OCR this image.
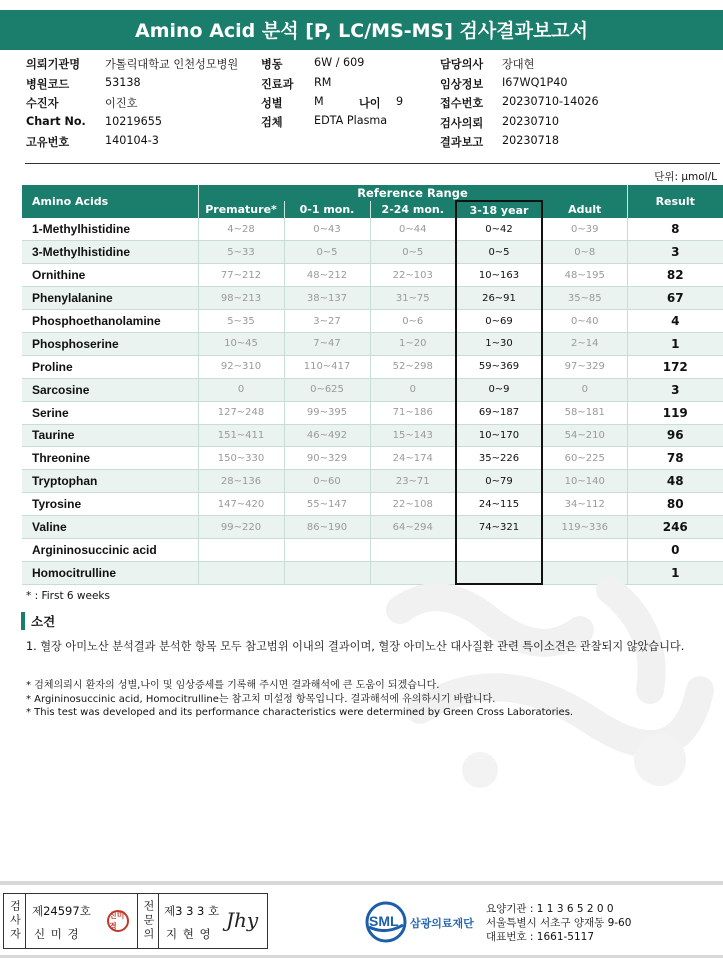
Amino Acid 분석 [P, LC/MS-MS] 검사결과보고서
의뢰기관명 가톨릭대학교 인천성모병원
병원코드	53138
수진자	이진호
Chart No. 10219655
고유번호	140104-3
병동	6W / 609
진료과 RM
성별	M	나이 9
검체	EDTA Plasma
담당의사 장대현
임상정보 I67WQ1P40
접수번호 20230710-14026
검사의뢰 20230710
결과보고 20230718
단위: μmol/L
Amino Acids	Reference Range					Result
	Premature*	0-1 mon.	2-24 mon.	3-18 year	Adult	
1-Methylhistidine	4~28	0~43	0~44	0~42	0~39	8
3-Methylhistidine	5~33	0~5	0~5	0~5	0~8	3
Ornithine	77~212	48~212	22~103	10~163	48~195	82
Phenylalanine	98~213	38~137	31~75	26~91	35~85	67
Phosphoethanolamine	5~35	3~27	0~6	0~69	0~40	4
Phosphoserine	10~45	7~47	1~20	1~30	2~14	1
Proline	92~310	110~417	52~298	59~369	97~329	172
Sarcosine	0	0~625	0	0~9	0	3
Serine	127~248	99~395	71~186	69~187	58~181	119
Taurine	151~411	46~492	15~143	10~170	54~210	96
Threonine	150~330	90~329	24~174	35~226	60~225	78
Tryptophan	28~136	0~60	23~71	0~79	10~140	48
Tyrosine	147~420	55~147	22~108	24~115	34~112	80
Valine	99~220	86~190	64~294	74~321	119~336	246
Argininosuccinic acid						0
Homocitrulline						1
* : First 6 weeks
소견
1. 혈장 아미노산 분석결과 분석한 항목 모두 참고범위 이내의 결과이며, 혈장 아미노산 대사질환 관련 특이소견은 관찰되지 않았습니다.
* 검체의뢰시 환자의 성별,나이 및 임상증세를 기록해 주시면 결과해석에 큰 도움이 되겠습니다.
* Argininosuccinic acid, Homocitrulline는 참고치 미설정 항목입니다. 결과해석에 유의하시기 바랍니다.
* This test was developed and its performance characteristics were determined by Green Cross Laboratories.
검사자 제24597호
신 미 경
신미경	전문의 제3 3 3 호
지 현 영
Jhy	SML 삼광의료재단
요양기관 : 1 1 3 6 5 2 0 0
서울특별시 서초구 양재동 9-60
대표번호 : 1661-5117
